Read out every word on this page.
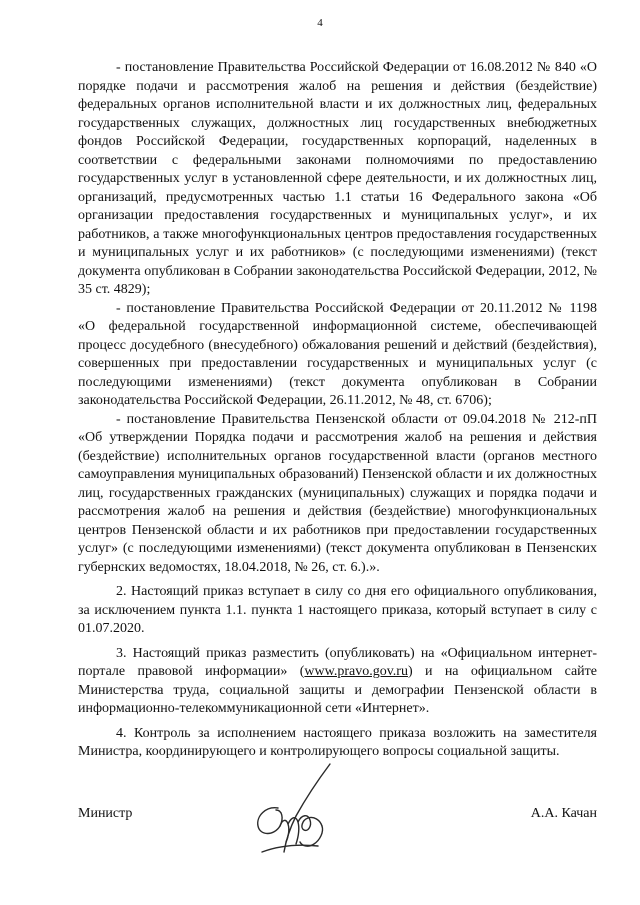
4

- постановление Правительства Российской Федерации от 16.08.2012 № 840 «О порядке подачи и рассмотрения жалоб на решения и действия (бездействие) федеральных органов исполнительной власти и их должностных лиц, федеральных государственных служащих, должностных лиц государственных внебюджетных фондов Российской Федерации, государственных корпораций, наделенных в соответствии с федеральными законами полномочиями по предоставлению государственных услуг в установленной сфере деятельности, и их должностных лиц, организаций, предусмотренных частью 1.1 статьи 16 Федерального закона «Об организации предоставления государственных и муниципальных услуг», и их работников, а также многофункциональных центров предоставления государственных и муниципальных услуг и их работников» (с последующими изменениями) (текст документа опубликован в Собрании законодательства Российской Федерации, 2012, № 35 ст. 4829);

- постановление Правительства Российской Федерации от 20.11.2012 № 1198 «О федеральной государственной информационной системе, обеспечивающей процесс досудебного (внесудебного) обжалования решений и действий (бездействия), совершенных при предоставлении государственных и муниципальных услуг (с последующими изменениями) (текст документа опубликован в Собрании законодательства Российской Федерации, 26.11.2012, № 48, ст. 6706);

- постановление Правительства Пензенской области от 09.04.2018 № 212-пП «Об утверждении Порядка подачи и рассмотрения жалоб на решения и действия (бездействие) исполнительных органов государственной власти (органов местного самоуправления муниципальных образований) Пензенской области и их должностных лиц, государственных гражданских (муниципальных) служащих и порядка подачи и рассмотрения жалоб на решения и действия (бездействие) многофункциональных центров Пензенской области и их работников при предоставлении государственных услуг» (с последующими изменениями) (текст документа опубликован в Пензенских губернских ведомостях, 18.04.2018, № 26, ст. 6.).».

2. Настоящий приказ вступает в силу со дня его официального опубликования, за исключением пункта 1.1. пункта 1 настоящего приказа, который вступает в силу с 01.07.2020.

3. Настоящий приказ разместить (опубликовать) на «Официальном интернет-портале правовой информации» (www.pravo.gov.ru) и на официальном сайте Министерства труда, социальной защиты и демографии Пензенской области в информационно-телекоммуникационной сети «Интернет».

4. Контроль за исполнением настоящего приказа возложить на заместителя Министра, координирующего и контролирующего вопросы социальной защиты.

Министр	А.А. Качан
